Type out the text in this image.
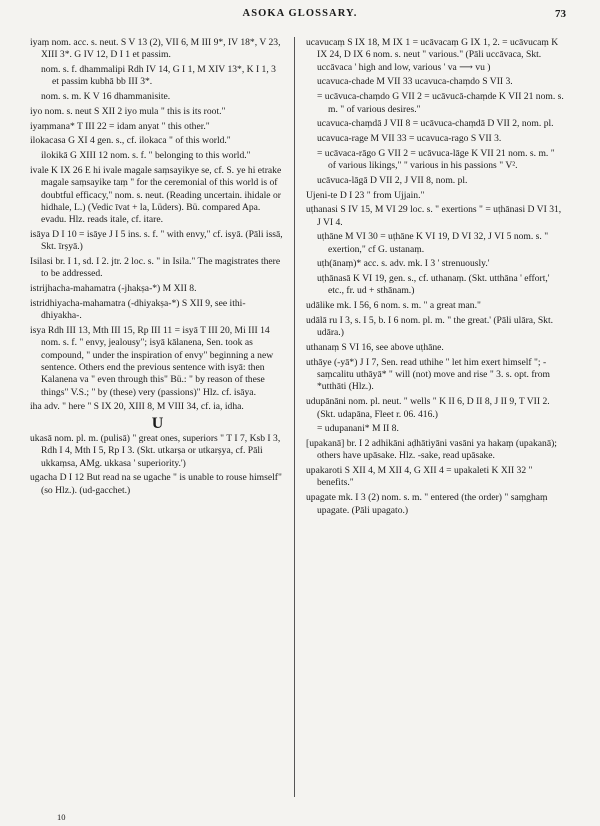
ASOKA GLOSSARY.	73

iyaṃ nom. acc. s. neut. S V 13 (2), VII 6, M III 9*, IV 18*, V 23, XIII 3*. G IV 12, D I 1 et passim.

nom. s. f. dhammalipi Rdh IV 14, G I 1, M XIV 13*, K I 1, 3 et passim kubhā bb III 3*.

nom. s. m. K V 16 dhammanisite.

iyo nom. s. neut S XII 2 iyo mula " this is its root."

iyaṃmana* T III 22 = idam anyat " this other."

ilokacasa G XI 4 gen. s., cf. ilokaca " of this world."

ilokikā G XIII 12 nom. s. f. " belonging to this world."

ivale K IX 26 E hi ivale magale saṃsayikye se, cf. S. ye hi etrake magale saṃsayike taṃ " for the ceremonial of this world is of doubtful efficacy," nom. s. neut. (Reading uncertain. ihidale or hidhale, L.) (Vedic īvat + la, Lüders). Bü. compared Apa. evadu. Hlz. reads itale, cf. itare.

isāya D I 10 = isāye J I 5 ins. s. f. " with envy," cf. isyā. (Pāli issā, Skt. īrṣyā.)

Isilasi br. I 1, sd. I 2. jtr. 2 loc. s. " in Isila." The magistrates there to be addressed.

istrijhacha-mahamatra (-jhakṣa-*) M XII 8.

istridhiyacha-mahamatra (-dhiyakṣa-*) S XII 9, see ithi-dhiyakha-.

isya Rdh III 13, Mth III 15, Rp III 11 = isyā T III 20, Mi III 14 nom. s. f. " envy, jealousy"; isyā kālanena, Sen. took as compound, " under the inspiration of envy" beginning a new sentence. Others end the previous sentence with isyā: then Kalanena va " even through this" Bü.: " by reason of these things" V.S.; " by (these) very (passions)" Hlz. cf. isāya.

iha adv. " here " S IX 20, XIII 8, M VIII 34, cf. ia, idha.

U

ukasā nom. pl. m. (pulisā) " great ones, superiors " T I 7, Ksb I 3, Rdh I 4, Mth I 5, Rp I 3. (Skt. utkarṣa or utkarṣya, cf. Pāli ukkaṃsa, AMg. ukkasa ' superiority.')

ugacha D I 12 But read na se ugache " is unable to rouse himself" (so Hlz.). (ud-gacchet.)

ucavucaṃ S IX 18, M IX 1 = ucāvacaṃ G IX 1, 2. = ucāvucaṃ K IX 24, D IX 6 nom. s. neut " various." (Pāli uccāvaca, Skt. uccāvaca ' high and low, various ' va ⟶ vu )

ucavuca-chade M VII 33 ucavuca-chaṃdo S VII 3.

= ucāvuca-chaṃdo G VII 2 = ucāvucā-chaṃde K VII 21 nom. s. m. " of various desires."

ucavuca-chaṃdā J VII 8 = ucāvuca-chaṃdā D VII 2, nom. pl.

ucavuca-rage M VII 33 = ucavuca-rago S VII 3.

= ucāvaca-rāgo G VII 2 = ucāvuca-lāge K VII 21 nom. s. m. " of various likings," " various in his passions " V².

ucāvuca-lāgā D VII 2, J VII 8, nom. pl.

Ujeni-te D I 23 " from Ujjain."

uṭhanasi S IV 15, M VI 29 loc. s. " exertions " = uṭhānasi D VI 31, J VI 4.

uṭhāne M VI 30 = uṭhāne K VI 19, D VI 32, J VI 5 nom. s. " exertion," cf G. ustanaṃ.

uṭh(ānaṃ)* acc. s. adv. mk. I 3 ' strenuously.'

uṭhānasā K VI 19, gen. s., cf. uthanaṃ. (Skt. utthāna ' effort,' etc., fr. ud + sthānam.)

udālike mk. I 56, 6 nom. s. m. " a great man."

udālā ru I 3, s. I 5, b. I 6 nom. pl. m. " the great.' (Pāli ulāra, Skt. udāra.)

uthanaṃ S VI 16, see above uṭhāne.

uthāye (-yā*) J I 7, Sen. read uthihe " let him exert himself "; -saṃcalitu uthāyā* " will (not) move and rise " 3. s. opt. from *utthāti (Hlz.).

udupānāni nom. pl. neut. " wells " K II 6, D II 8, J II 9, T VII 2. (Skt. udapāna, Fleet r. 06. 416.)

= udupanani* M II 8.

[upakanā] br. I 2 adhikāni aḍhātiyāni vasāni ya hakaṃ (upakanā); others have upāsake. Hlz. -sake, read upāsake.

upakaroti S XII 4, M XII 4, G XII 4 = upakaleti K XII 32 " benefits."

upagate mk. I 3 (2) nom. s. m. " entered (the order) " saṃghaṃ upagate. (Pāli upagato.)

10
